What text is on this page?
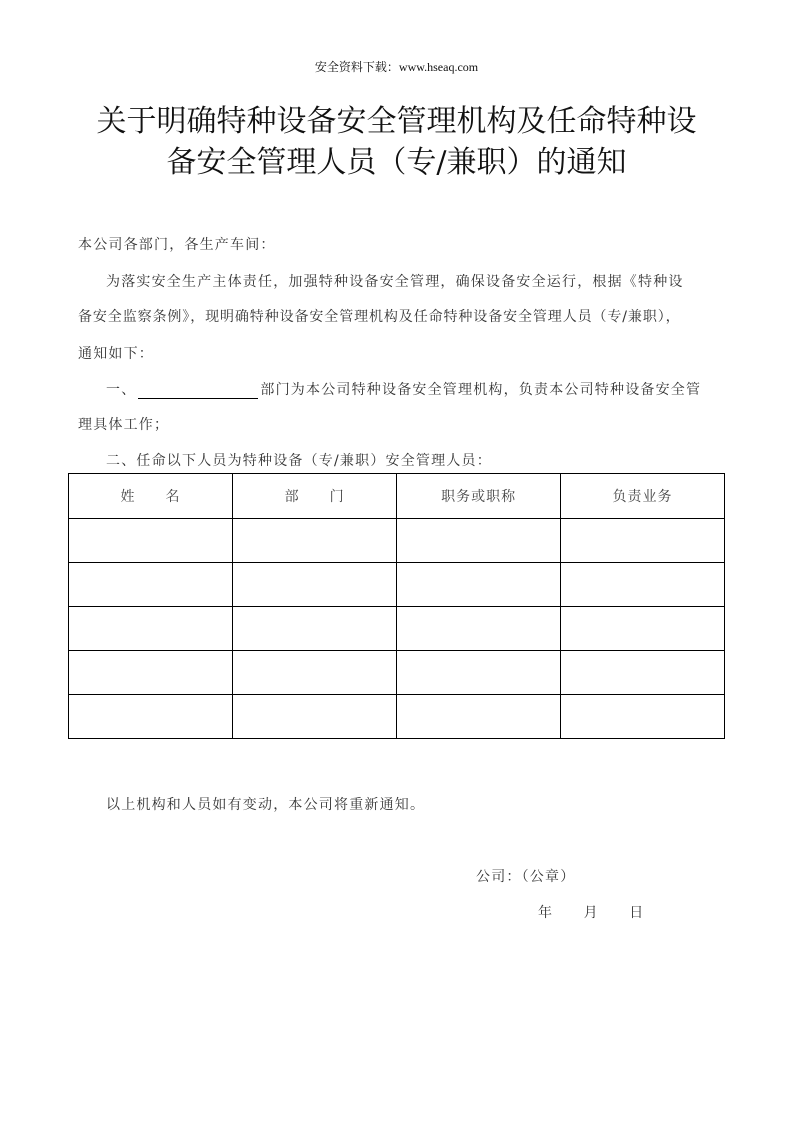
安全资料下载：www.hseaq.com
关于明确特种设备安全管理机构及任命特种设
备安全管理人员（专/兼职）的通知
本公司各部门，各生产车间：
为落实安全生产主体责任，加强特种设备安全管理，确保设备安全运行，根据《特种设
备安全监察条例》，现明确特种设备安全管理机构及任命特种设备安全管理人员（专/兼职），
通知如下：
一、	部门为本公司特种设备安全管理机构，负责本公司特种设备安全管
理具体工作；
二、任命以下人员为特种设备（专/兼职）安全管理人员：
姓　　名	部　　门	职务或职称	负责业务

以上机构和人员如有变动，本公司将重新通知。
公司：（公章）
年　　月　　日
